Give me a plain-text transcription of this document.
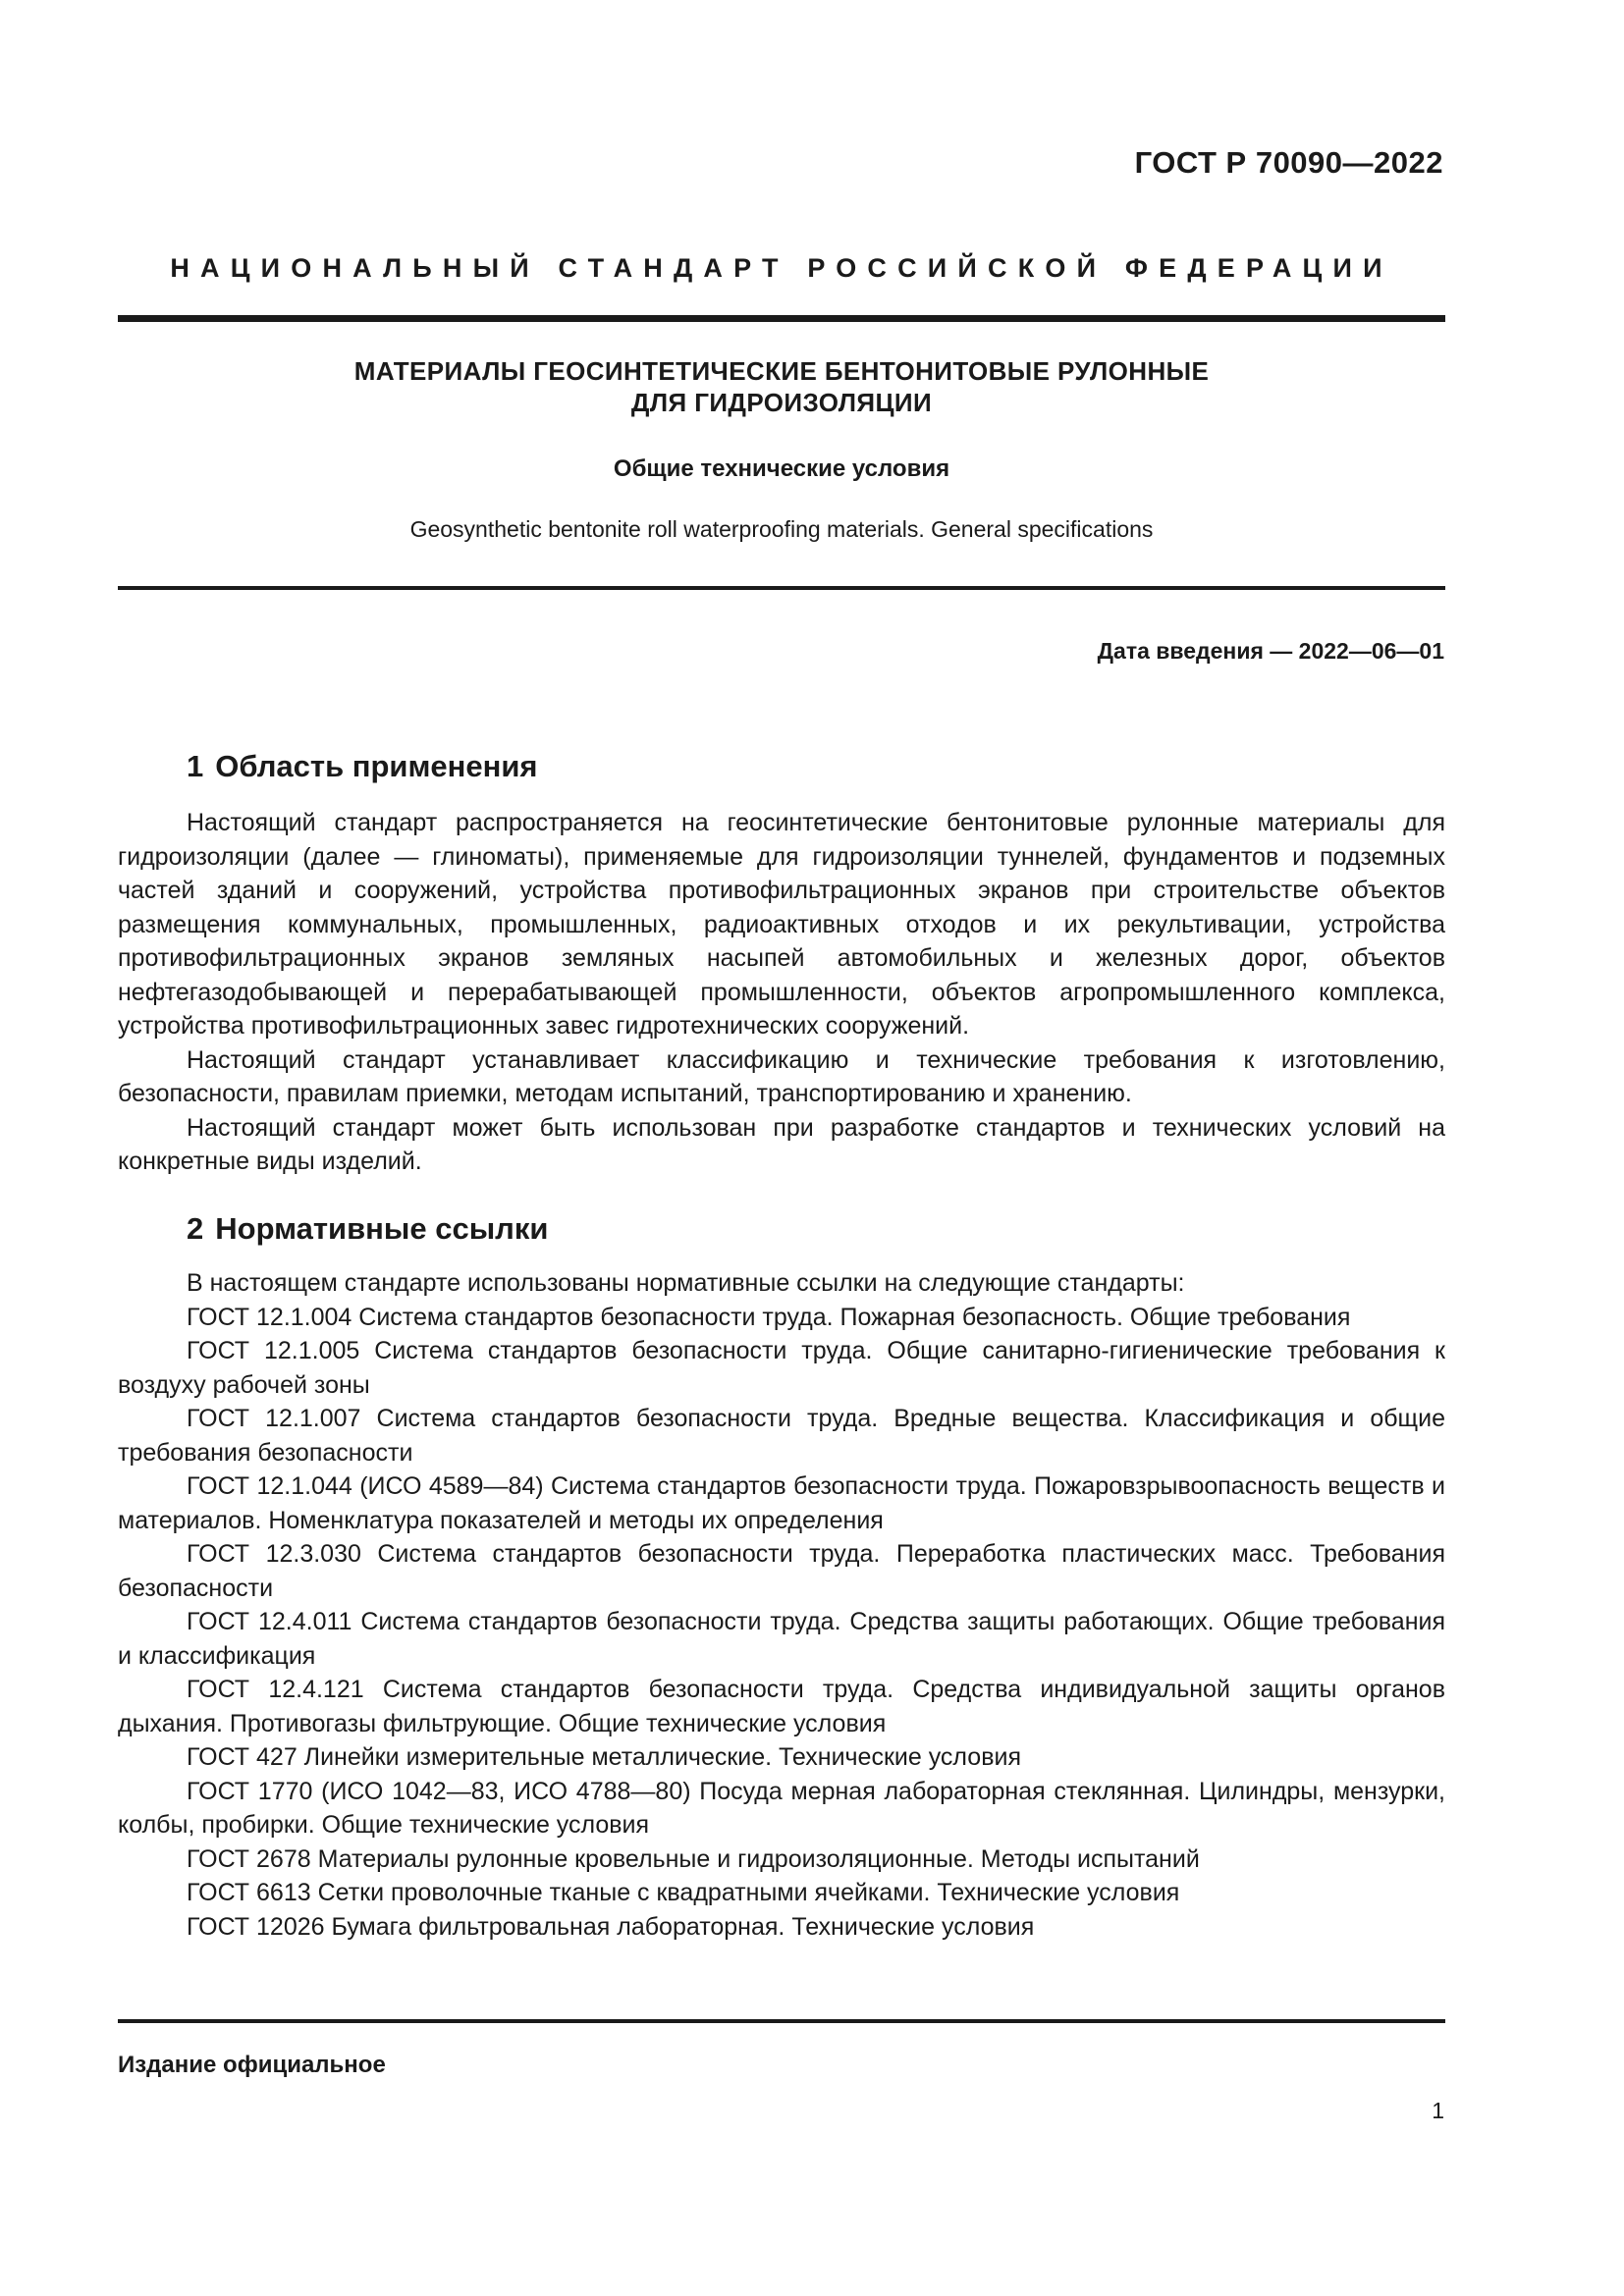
ГОСТ Р 70090—2022
НАЦИОНАЛЬНЫЙ СТАНДАРТ РОССИЙСКОЙ ФЕДЕРАЦИИ
МАТЕРИАЛЫ ГЕОСИНТЕТИЧЕСКИЕ БЕНТОНИТОВЫЕ РУЛОННЫЕ
ДЛЯ ГИДРОИЗОЛЯЦИИ
Общие технические условия
Geosynthetic bentonite roll waterproofing materials. General specifications
Дата введения — 2022—06—01
1 Область применения

Настоящий стандарт распространяется на геосинтетические бентонитовые рулонные материалы для гидроизоляции (далее — глиноматы), применяемые для гидроизоляции туннелей, фундаментов и подземных частей зданий и сооружений, устройства противофильтрационных экранов при строительстве объектов размещения коммунальных, промышленных, радиоактивных отходов и их рекультивации, устройства противофильтрационных экранов земляных насыпей автомобильных и железных дорог, объектов нефтегазодобывающей и перерабатывающей промышленности, объектов агропромышленного комплекса, устройства противофильтрационных завес гидротехнических сооружений.

Настоящий стандарт устанавливает классификацию и технические требования к изготовлению, безопасности, правилам приемки, методам испытаний, транспортированию и хранению.

Настоящий стандарт может быть использован при разработке стандартов и технических условий на конкретные виды изделий.

2 Нормативные ссылки

В настоящем стандарте использованы нормативные ссылки на следующие стандарты:

ГОСТ 12.1.004 Система стандартов безопасности труда. Пожарная безопасность. Общие требования

ГОСТ 12.1.005 Система стандартов безопасности труда. Общие санитарно-гигиенические требования к воздуху рабочей зоны

ГОСТ 12.1.007 Система стандартов безопасности труда. Вредные вещества. Классификация и общие требования безопасности

ГОСТ 12.1.044 (ИСО 4589—84) Система стандартов безопасности труда. Пожаровзрывоопасность веществ и материалов. Номенклатура показателей и методы их определения

ГОСТ 12.3.030 Система стандартов безопасности труда. Переработка пластических масс. Требования безопасности

ГОСТ 12.4.011 Система стандартов безопасности труда. Средства защиты работающих. Общие требования и классификация

ГОСТ 12.4.121 Система стандартов безопасности труда. Средства индивидуальной защиты органов дыхания. Противогазы фильтрующие. Общие технические условия

ГОСТ 427 Линейки измерительные металлические. Технические условия

ГОСТ 1770 (ИСО 1042—83, ИСО 4788—80) Посуда мерная лабораторная стеклянная. Цилиндры, мензурки, колбы, пробирки. Общие технические условия

ГОСТ 2678 Материалы рулонные кровельные и гидроизоляционные. Методы испытаний

ГОСТ 6613 Сетки проволочные тканые с квадратными ячейками. Технические условия

ГОСТ 12026 Бумага фильтровальная лабораторная. Технические условия

Издание официальное
1
